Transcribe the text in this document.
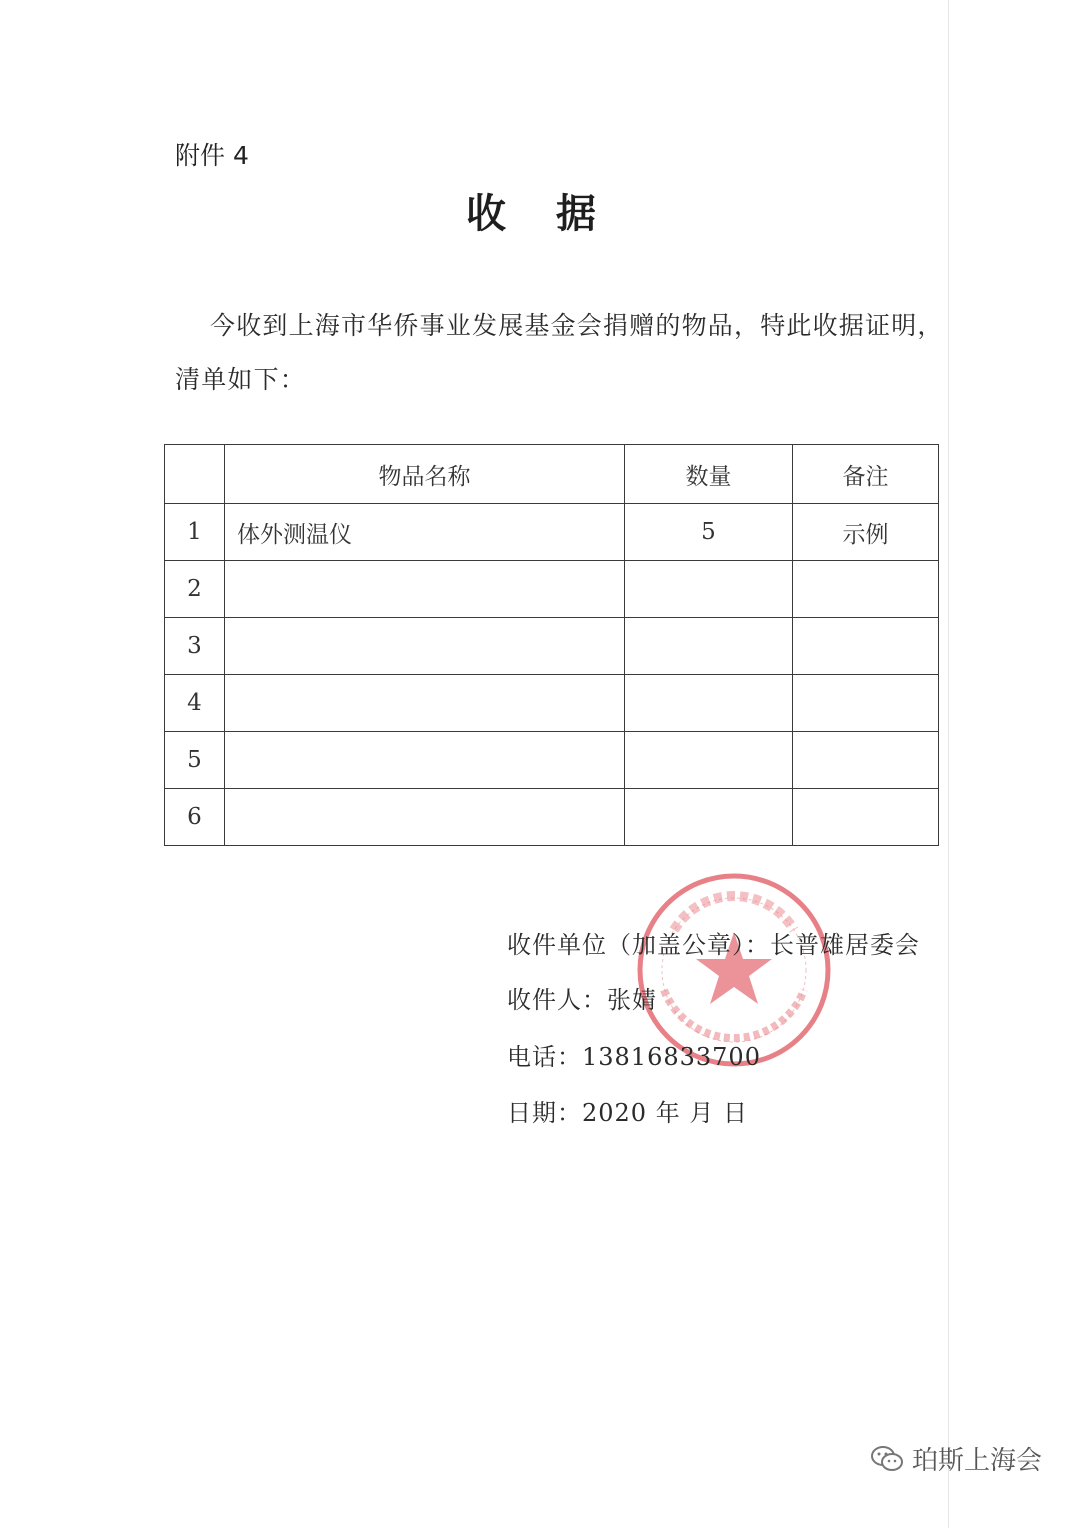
附件 4
收 据
今收到上海市华侨事业发展基金会捐赠的物品，特此收据证明，
清单如下：
	物品名称	数量	备注
1	体外测温仪	5	示例
2			
3			
4			
5			
6			
收件单位（加盖公章）：长普雄居委会
收件人：张婧
电话：13816833700
日期：2020 年 月 日
珀斯上海会
